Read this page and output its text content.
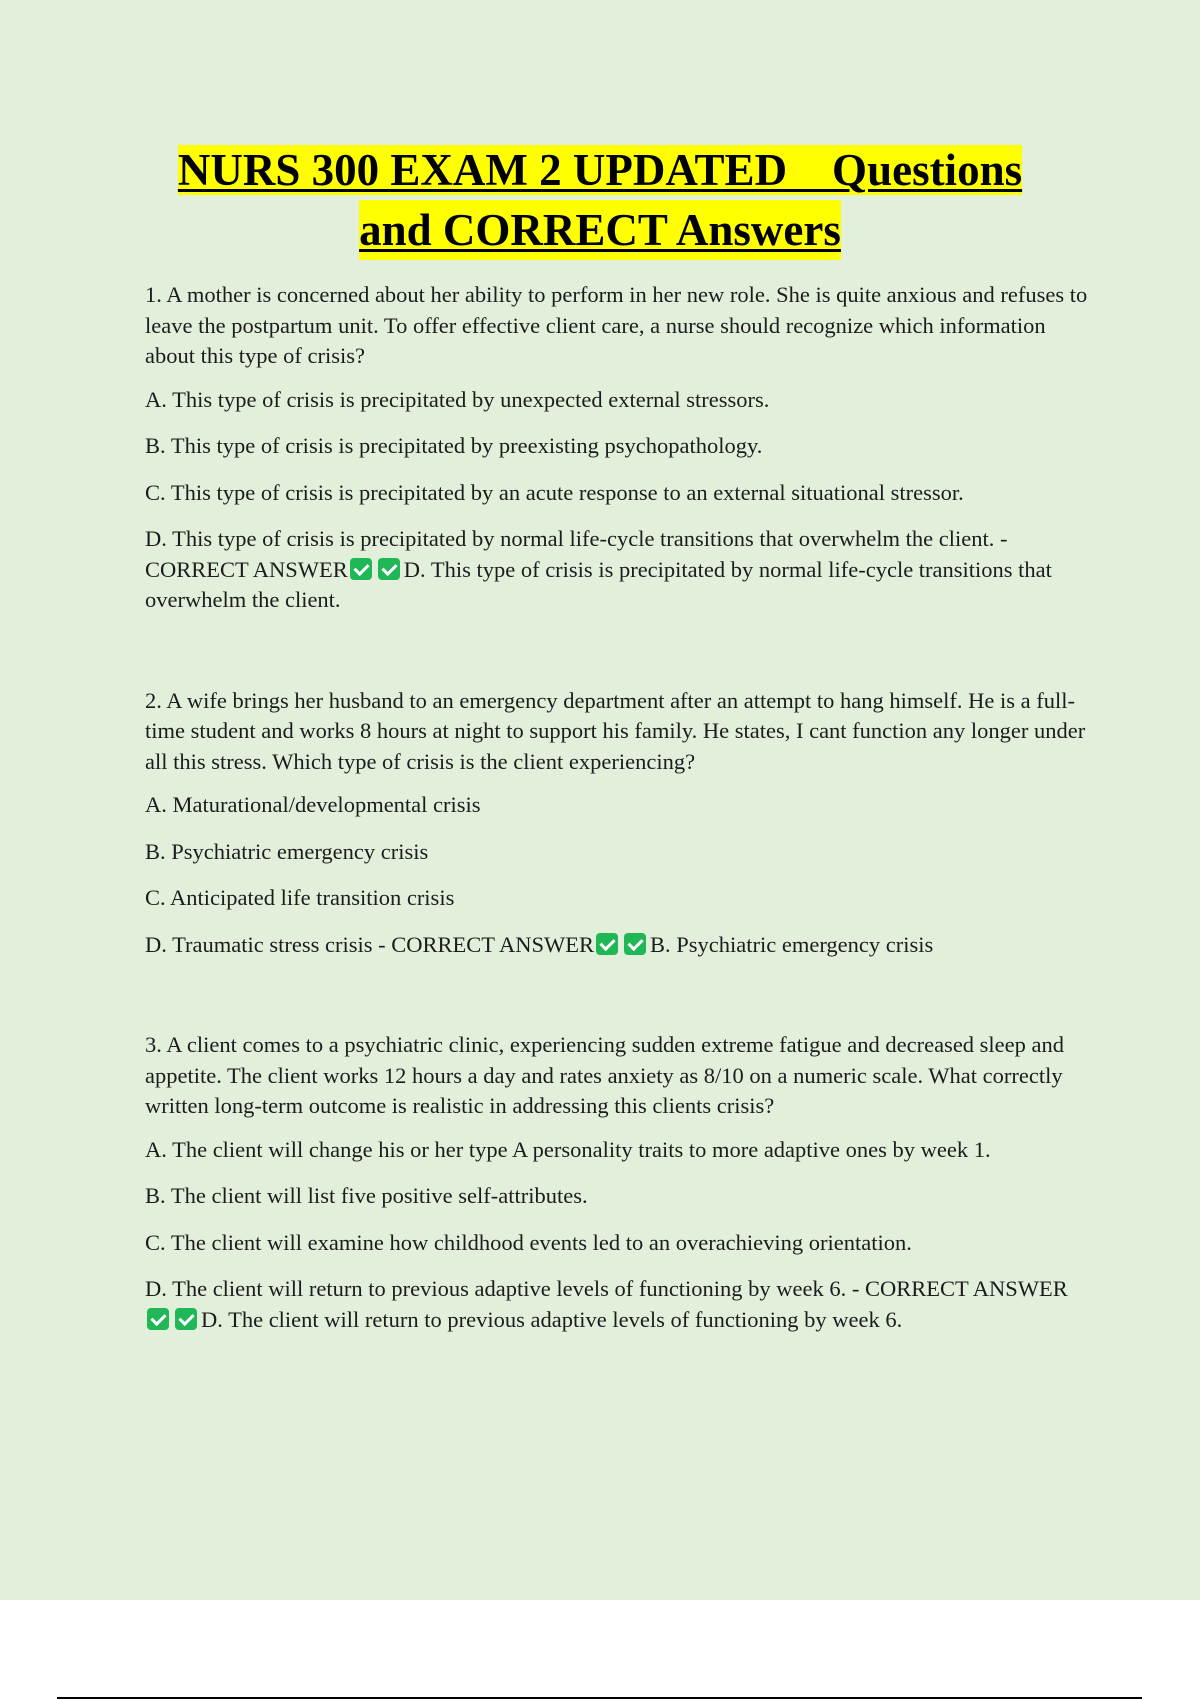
NURS 300 EXAM 2 UPDATED    Questions
and CORRECT Answers

1. A mother is concerned about her ability to perform in her new role. She is quite anxious and refuses to leave the postpartum unit. To offer effective client care, a nurse should recognize which information about this type of crisis?

A. This type of crisis is precipitated by unexpected external stressors.

B. This type of crisis is precipitated by preexisting psychopathology.

C. This type of crisis is precipitated by an acute response to an external situational stressor.

D. This type of crisis is precipitated by normal life-cycle transitions that overwhelm the client. - CORRECT ANSWER D. This type of crisis is precipitated by normal life-cycle transitions that overwhelm the client.

2. A wife brings her husband to an emergency department after an attempt to hang himself. He is a full-time student and works 8 hours at night to support his family. He states, I cant function any longer under all this stress. Which type of crisis is the client experiencing?

A. Maturational/developmental crisis

B. Psychiatric emergency crisis

C. Anticipated life transition crisis

D. Traumatic stress crisis - CORRECT ANSWER B. Psychiatric emergency crisis

3. A client comes to a psychiatric clinic, experiencing sudden extreme fatigue and decreased sleep and appetite. The client works 12 hours a day and rates anxiety as 8/10 on a numeric scale. What correctly written long-term outcome is realistic in addressing this clients crisis?

A. The client will change his or her type A personality traits to more adaptive ones by week 1.

B. The client will list five positive self-attributes.

C. The client will examine how childhood events led to an overachieving orientation.

D. The client will return to previous adaptive levels of functioning by week 6. - CORRECT ANSWERD. The client will return to previous adaptive levels of functioning by week 6.
